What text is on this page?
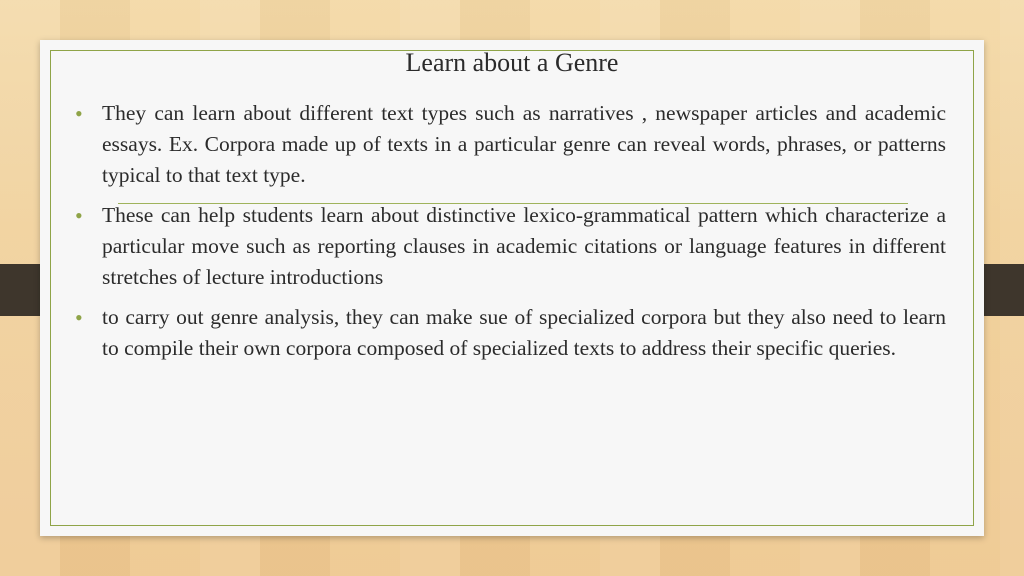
Learn about a Genre
• They can learn about different text types such as narratives , newspaper articles and academic essays. Ex. Corpora made up of texts in a particular genre can reveal words, phrases, or patterns typical to that text type.
• These can help students learn about distinctive lexico-grammatical pattern which characterize a particular move such as reporting clauses in academic citations or language features in different stretches of lecture introductions
• to carry out genre analysis, they can make sue of specialized corpora but they also need to learn to compile their own corpora composed of specialized texts to address their specific queries.
